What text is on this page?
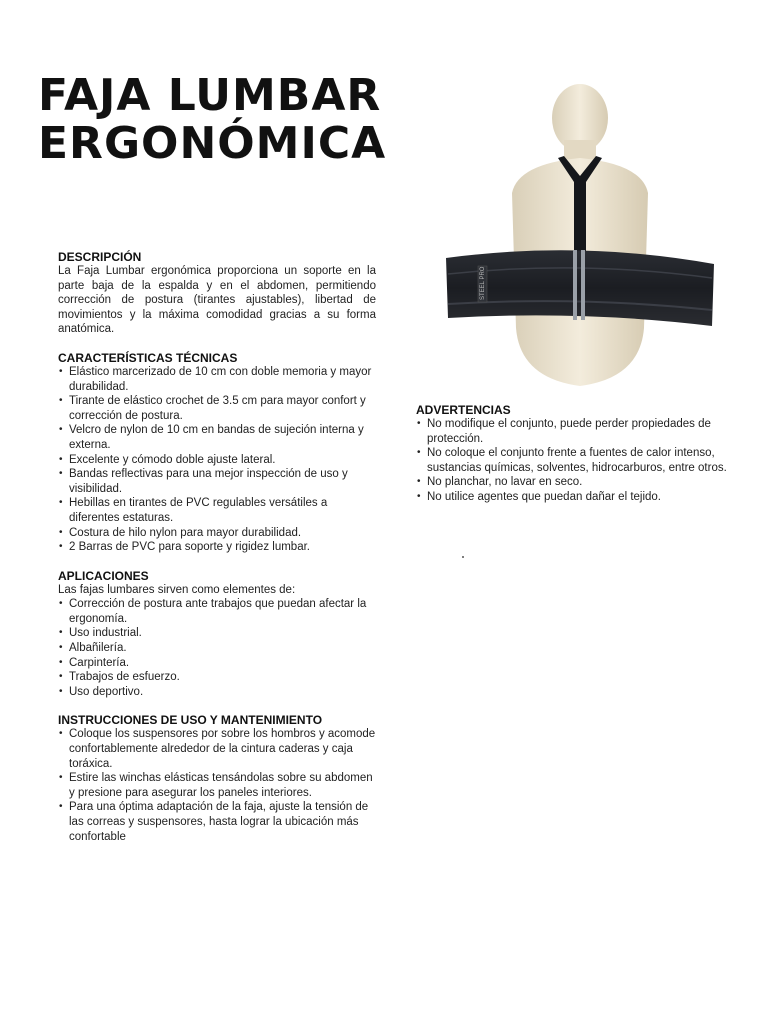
FAJA LUMBAR
ERGONÓMICA
STEEL PRO
DESCRIPCIÓN

La Faja Lumbar ergonómica proporciona un soporte en la parte baja de la espalda y en el abdomen, permitiendo corrección de postura (tirantes ajustables), libertad de movimientos y la máxima comodidad gracias a su forma anatómica.

CARACTERÍSTICAS TÉCNICAS
• Elástico marcerizado de 10 cm con doble memoria y mayor durabilidad.
• Tirante de elástico crochet de 3.5 cm para mayor confort y corrección de postura.
• Velcro de nylon de 10 cm en bandas de sujeción interna y externa.
• Excelente y cómodo doble ajuste lateral.
• Bandas reflectivas para una mejor inspección de uso y visibilidad.
• Hebillas en tirantes de PVC regulables versátiles a diferentes estaturas.
• Costura de hilo nylon para mayor durabilidad.
• 2 Barras de PVC para soporte y rigidez lumbar.
APLICACIONES

Las fajas lumbares sirven como elementes de:

• Corrección de postura ante trabajos que puedan afectar la ergonomía.
• Uso industrial.
• Albañilería.
• Carpintería.
• Trabajos de esfuerzo.
• Uso deportivo.
INSTRUCCIONES DE USO Y MANTENIMIENTO
• Coloque los suspensores por sobre los hombros y acomode confortablemente alrededor de la cintura caderas y caja toráxica.
• Estire las winchas elásticas tensándolas sobre su abdomen y presione para asegurar los paneles interiores.
• Para una óptima adaptación de la faja, ajuste la tensión de las correas y suspensores, hasta lograr la ubicación más confortable
ADVERTENCIAS
• No modifique el conjunto, puede perder propiedades de protección.
• No coloque el conjunto frente a fuentes de calor intenso, sustancias químicas, solventes, hidrocarburos, entre otros.
• No planchar, no lavar en seco.
• No utilice agentes que puedan dañar el tejido.
